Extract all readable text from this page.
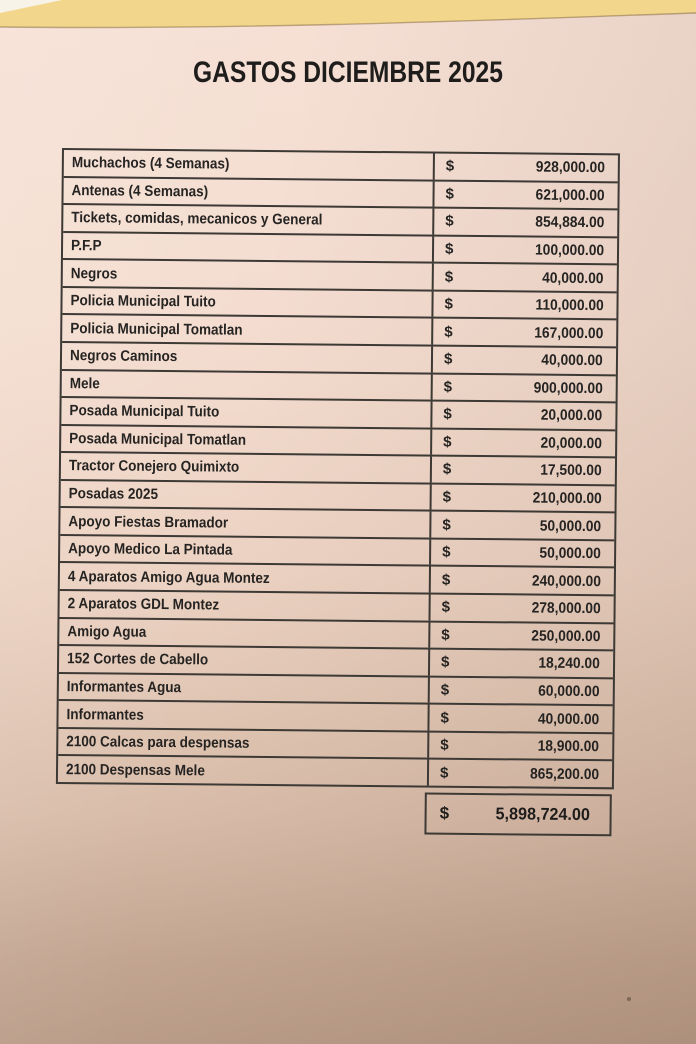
GASTOS DICIEMBRE 2025
Muchachos (4 Semanas)	$	928,000.00
Antenas (4 Semanas)	$	621,000.00
Tickets, comidas, mecanicos y General	$	854,884.00
P.F.P	$	100,000.00
Negros	$	40,000.00
Policia Municipal Tuito	$	110,000.00
Policia Municipal Tomatlan	$	167,000.00
Negros Caminos	$	40,000.00
Mele	$	900,000.00
Posada Municipal Tuito	$	20,000.00
Posada Municipal Tomatlan	$	20,000.00
Tractor Conejero Quimixto	$	17,500.00
Posadas 2025	$	210,000.00
Apoyo Fiestas Bramador	$	50,000.00
Apoyo Medico La Pintada	$	50,000.00
4 Aparatos Amigo Agua Montez	$	240,000.00
2 Aparatos GDL Montez	$	278,000.00
Amigo Agua	$	250,000.00
152 Cortes de Cabello	$	18,240.00
Informantes Agua	$	60,000.00
Informantes	$	40,000.00
2100 Calcas para despensas	$	18,900.00
2100 Despensas Mele	$	865,200.00
$	5,898,724.00
